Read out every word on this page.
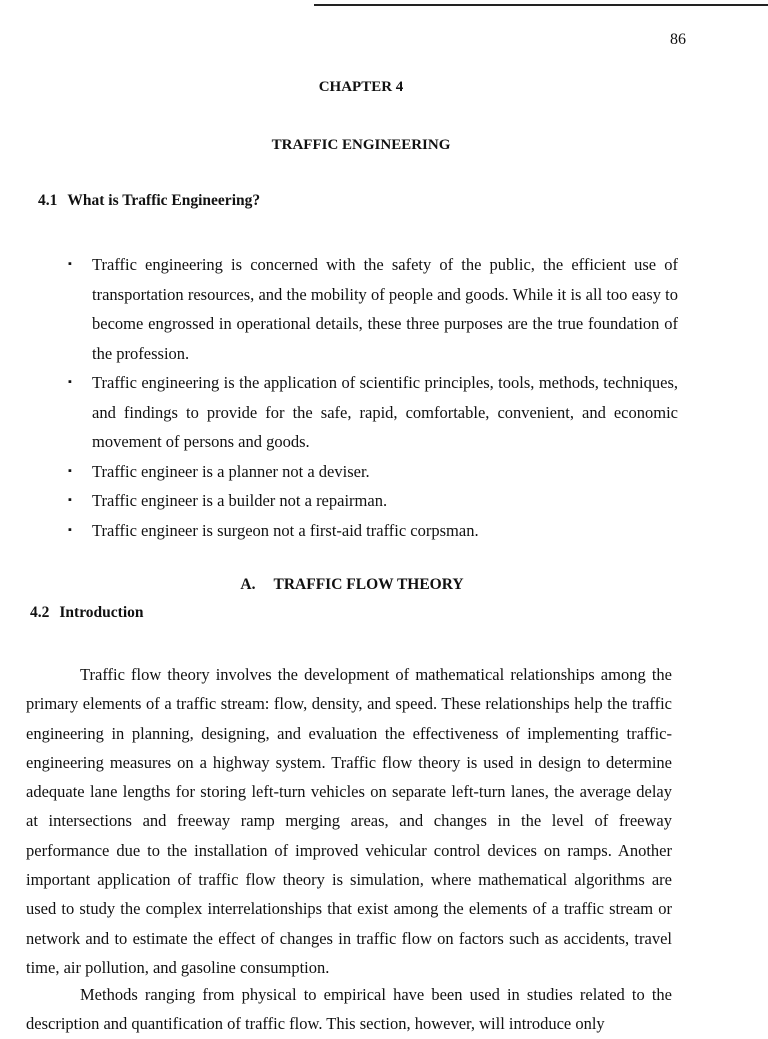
86
CHAPTER 4
TRAFFIC ENGINEERING
4.1 What is Traffic Engineering?
▪ Traffic engineering is concerned with the safety of the public, the efficient use of transportation resources, and the mobility of people and goods. While it is all too easy to become engrossed in operational details, these three purposes are the true foundation of the profession.
▪ Traffic engineering is the application of scientific principles, tools, methods, techniques, and findings to provide for the safe, rapid, comfortable, convenient, and economic movement of persons and goods.
▪ Traffic engineer is a planner not a deviser.
▪ Traffic engineer is a builder not a repairman.
▪ Traffic engineer is surgeon not a first-aid traffic corpsman.
A. TRAFFIC FLOW THEORY
4.2 Introduction

Traffic flow theory involves the development of mathematical relationships among the primary elements of a traffic stream: flow, density, and speed. These relationships help the traffic engineering in planning, designing, and evaluation the effectiveness of implementing traffic-engineering measures on a highway system. Traffic flow theory is used in design to determine adequate lane lengths for storing left-turn vehicles on separate left-turn lanes, the average delay at intersections and freeway ramp merging areas, and changes in the level of freeway performance due to the installation of improved vehicular control devices on ramps. Another important application of traffic flow theory is simulation, where mathematical algorithms are used to study the complex interrelationships that exist among the elements of a traffic stream or network and to estimate the effect of changes in traffic flow on factors such as accidents, travel time, air pollution, and gasoline consumption.

Methods ranging from physical to empirical have been used in studies related to the description and quantification of traffic flow. This section, however, will introduce only
